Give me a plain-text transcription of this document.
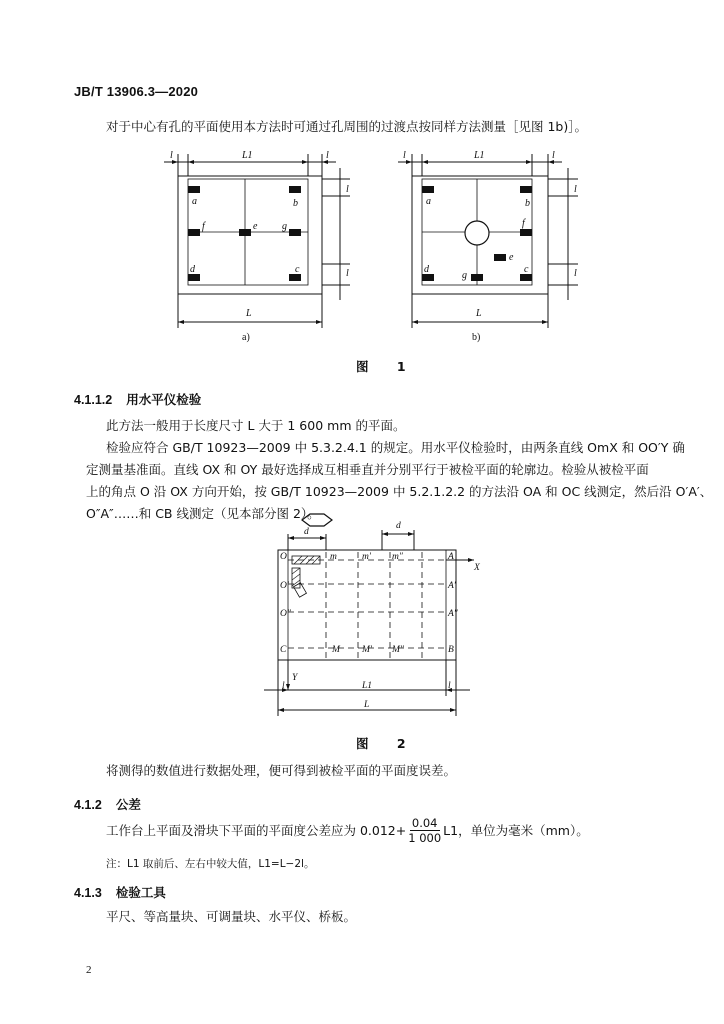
JB/T 13906.3—2020
对于中心有孔的平面使用本方法时可通过孔周围的过渡点按同样方法测量［见图 1b)］。
l	L1	l
l
l
a	b
f	e g
d	c
L
a)
l	L1	l
l
l
a	b
f
e
g
d	c
L
b)
图 1
4.1.1.2 用水平仪检验
此方法一般用于长度尺寸 L 大于 1 600 mm 的平面。
检验应符合 GB/T 10923—2009 中 5.3.2.4.1 的规定。用水平仪检验时，由两条直线 OmX 和 OO′Y 确
定测量基准面。直线 OX 和 OY 最好选择成互相垂直并分别平行于被检平面的轮廓边。检验从被检平面
上的角点 O 沿 OX 方向开始，按 GB/T 10923—2009 中 5.2.1.2.2 的方法沿 OA 和 OC 线测定，然后沿 O′A′、
O″A″……和 CB 线测定（见本部分图 2）。
O
O′
O″
C
m	m′ m″	A
A′
A″
B
M M′ M″
X
Y
d
d
l	L1	l
L
图 2
将测得的数值进行数据处理，便可得到被检平面的平面度误差。
4.1.2 公差
工作台上平面及滑块下平面的平面度公差应为 $0.012+ \frac{0.04}{1 000} L1$，单位为毫米（mm）。
注：L1 取前后、左右中较大值，L1=L−2l。
4.1.3 检验工具
平尺、等高量块、可调量块、水平仪、桥板。
2
